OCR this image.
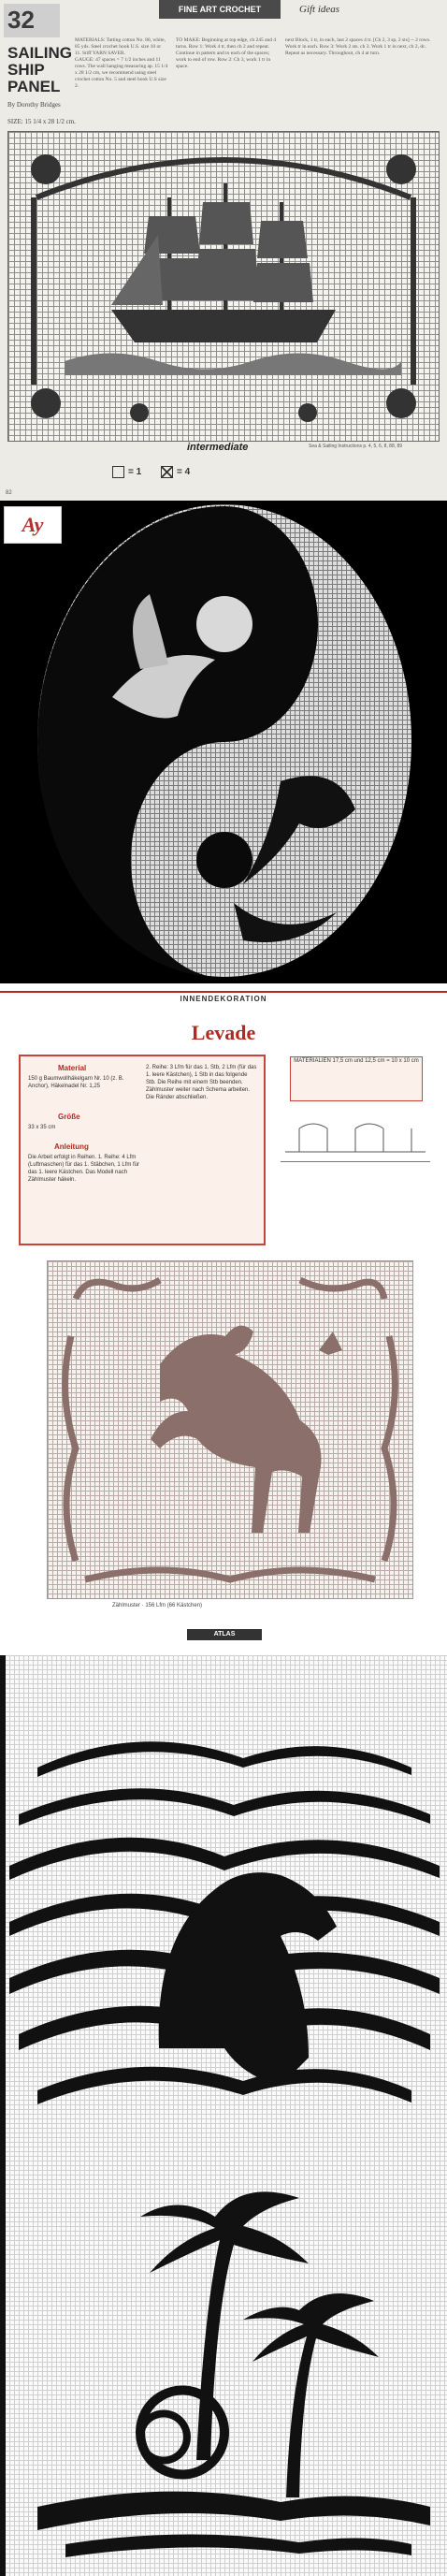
32
SAILING
SHIP
PANEL
By Dorothy Bridges
SIZE: 15 1/4 x 28 1/2 cm.
FINE ART CROCHET	Gift ideas
MATERIALS: Tatting cotton No. 80, white, 85 yds. Steel crochet hook U.S. size 10 or 11. Stiff YARN SAVER.
GAUGE: 47 spaces = 7 1/2 inches and 11 rows. The wall hanging measuring ap. 15 1/4 x 28 1/2 cm, we recommend using steel crochet cotton No. 5 and steel hook U.S size 2.
TO MAKE: Beginning at top edge, ch 245 and 4 turns. Row 1: Work 4 tr, then ch 2 and repeat. Continue in pattern and to each of the spaces; work to end of row. Row 2: Ch 3, work 1 tr in space.
next Block, 1 tr, in each, last 2 spaces 4 tr. [Ch 2, 3 sp, 2 sts] -- 2 rows. Work tr in each. Row 3: Work 2 sts. ch 3. Work 1 tr in next, ch 2, dc. Repeat as necessary. Throughout, ch 4 at turn.
intermediate	Sea & Sailing Instructions p. 4, 5, 6, 8, 88, 89
= 1	= 4
82
Ay
INNENDEKORATION
Levade
Material
150 g Baumwollhäkelgarn Nr. 10 (z. B. Anchor), Häkelnadel Nr. 1,25
Größe
33 x 35 cm
Anleitung
Die Arbeit erfolgt in Reihen. 1. Reihe: 4 Lfm (Luftmaschen) für das 1. Stäbchen, 1 Lfm für das 1. leere Kästchen. Das Modell nach Zählmuster häkeln.
2. Reihe: 3 Lfm für das 1. Stb, 2 Lfm (für das 1. leere Kästchen), 1 Stb in das folgende Stb. Die Reihe mit einem Stb beenden. Zählmuster weiter nach Schema arbeiten. Die Ränder abschließen.
MATERIALIEN 17,5 cm und 12,5 cm = 10 x 10 cm
Zählmuster · 156 Lfm (66 Kästchen)
ATLAS
